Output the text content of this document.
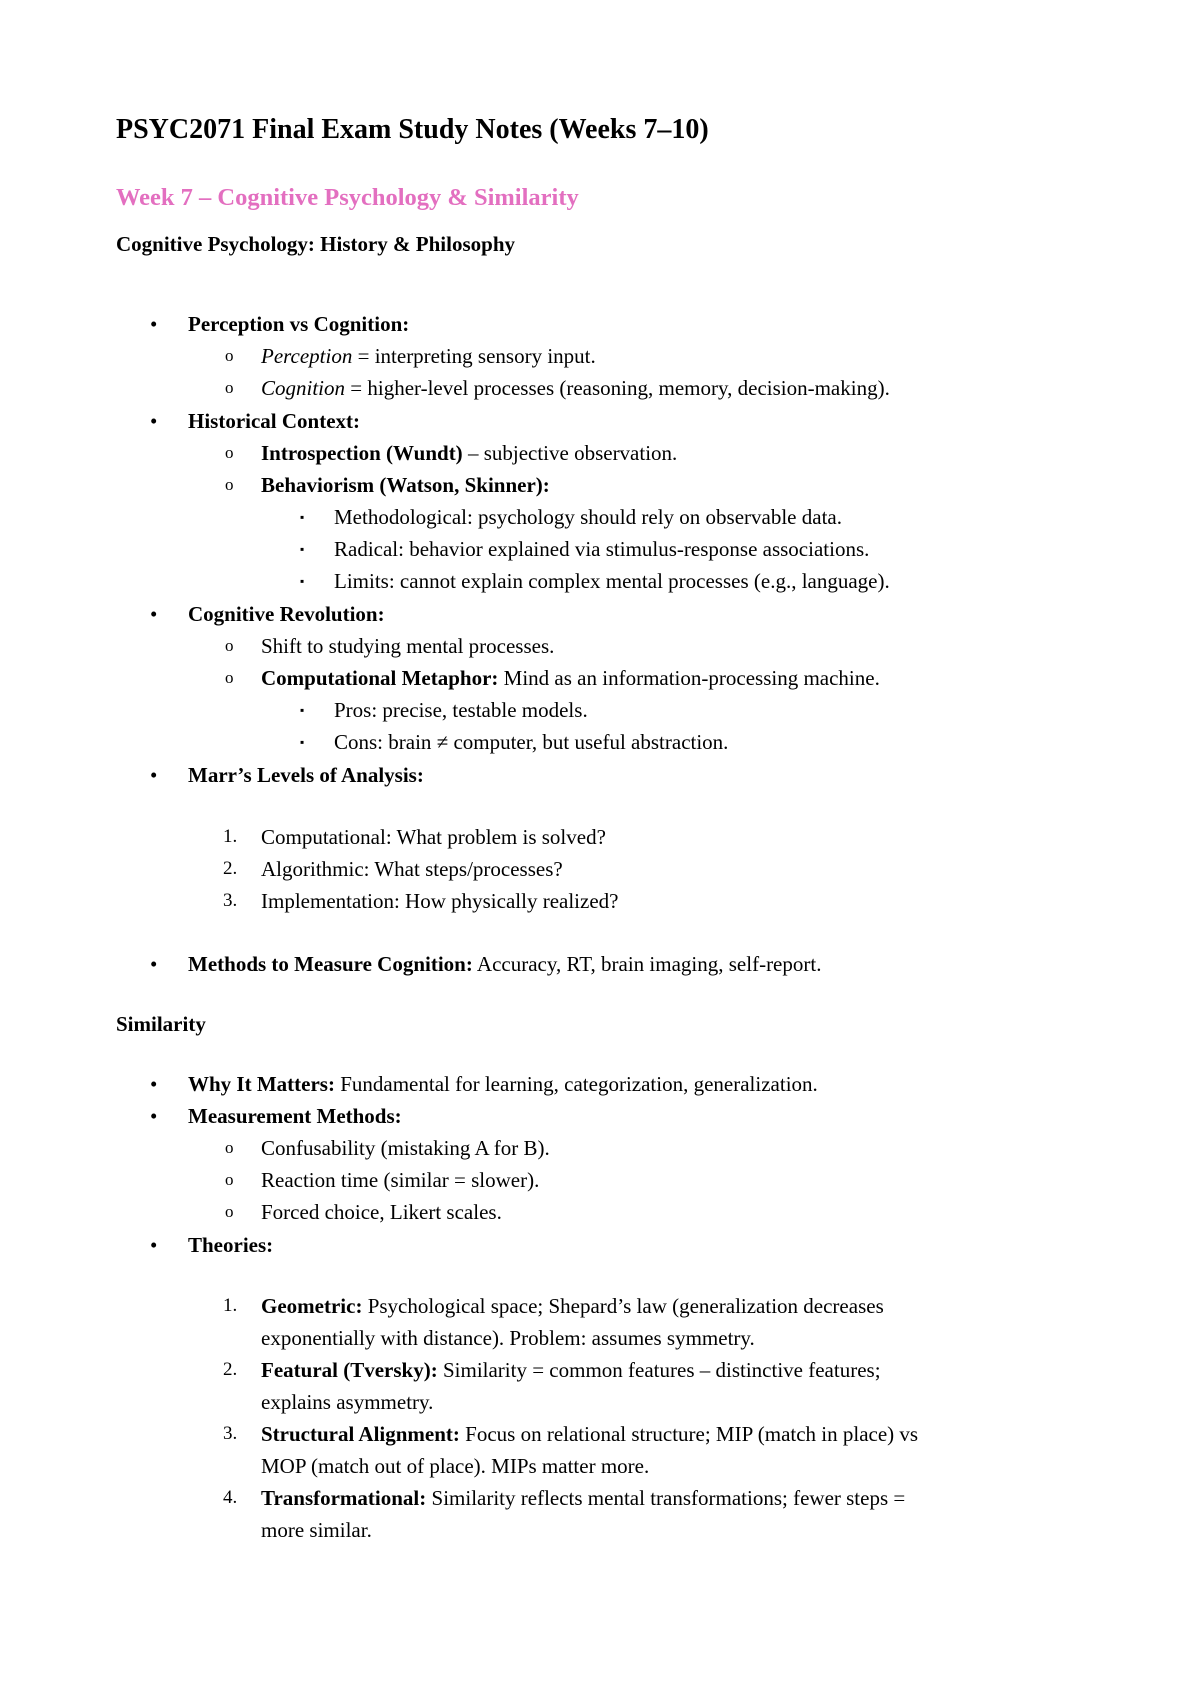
PSYC2071 Final Exam Study Notes (Weeks 7–10)
Week 7 – Cognitive Psychology & Similarity
Cognitive Psychology: History & Philosophy
• Perception vs Cognition:
o Perception = interpreting sensory input.
o Cognition = higher-level processes (reasoning, memory, decision-making).
• Historical Context:
o Introspection (Wundt) – subjective observation.
o Behaviorism (Watson, Skinner):
▪ Methodological: psychology should rely on observable data.
▪ Radical: behavior explained via stimulus-response associations.
▪ Limits: cannot explain complex mental processes (e.g., language).
• Cognitive Revolution:
o Shift to studying mental processes.
o Computational Metaphor: Mind as an information-processing machine.
▪ Pros: precise, testable models.
▪ Cons: brain ≠ computer, but useful abstraction.
• Marr’s Levels of Analysis:
1. Computational: What problem is solved?
2. Algorithmic: What steps/processes?
3. Implementation: How physically realized?
• Methods to Measure Cognition: Accuracy, RT, brain imaging, self-report.
Similarity
• Why It Matters: Fundamental for learning, categorization, generalization.
• Measurement Methods:
o Confusability (mistaking A for B).
o Reaction time (similar = slower).
o Forced choice, Likert scales.
• Theories:
1. Geometric: Psychological space; Shepard’s law (generalization decreases
exponentially with distance). Problem: assumes symmetry.
2. Featural (Tversky): Similarity = common features – distinctive features;
explains asymmetry.
3. Structural Alignment: Focus on relational structure; MIP (match in place) vs
MOP (match out of place). MIPs matter more.
4. Transformational: Similarity reflects mental transformations; fewer steps =
more similar.
